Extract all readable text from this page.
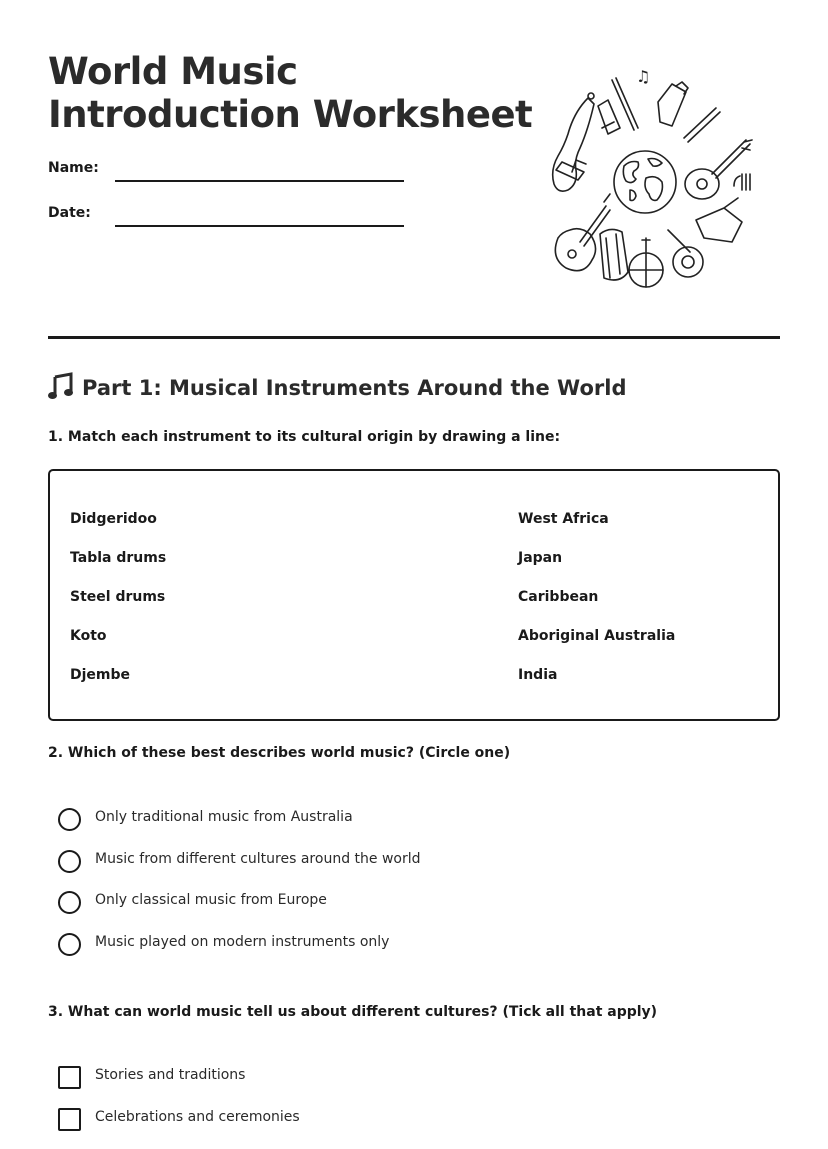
World Music
Introduction Worksheet
Name:
Date:
♫
Part 1: Musical Instruments Around the World

1. Match each instrument to its cultural origin by drawing a line:

Didgeridoo
Tabla drums
Steel drums
Koto
Djembe
West Africa
Japan
Caribbean
Aboriginal Australia
India

2. Which of these best describes world music? (Circle one)

Only traditional music from Australia
Music from different cultures around the world
Only classical music from Europe
Music played on modern instruments only

3. What can world music tell us about different cultures? (Tick all that apply)

Stories and traditions
Celebrations and ceremonies
